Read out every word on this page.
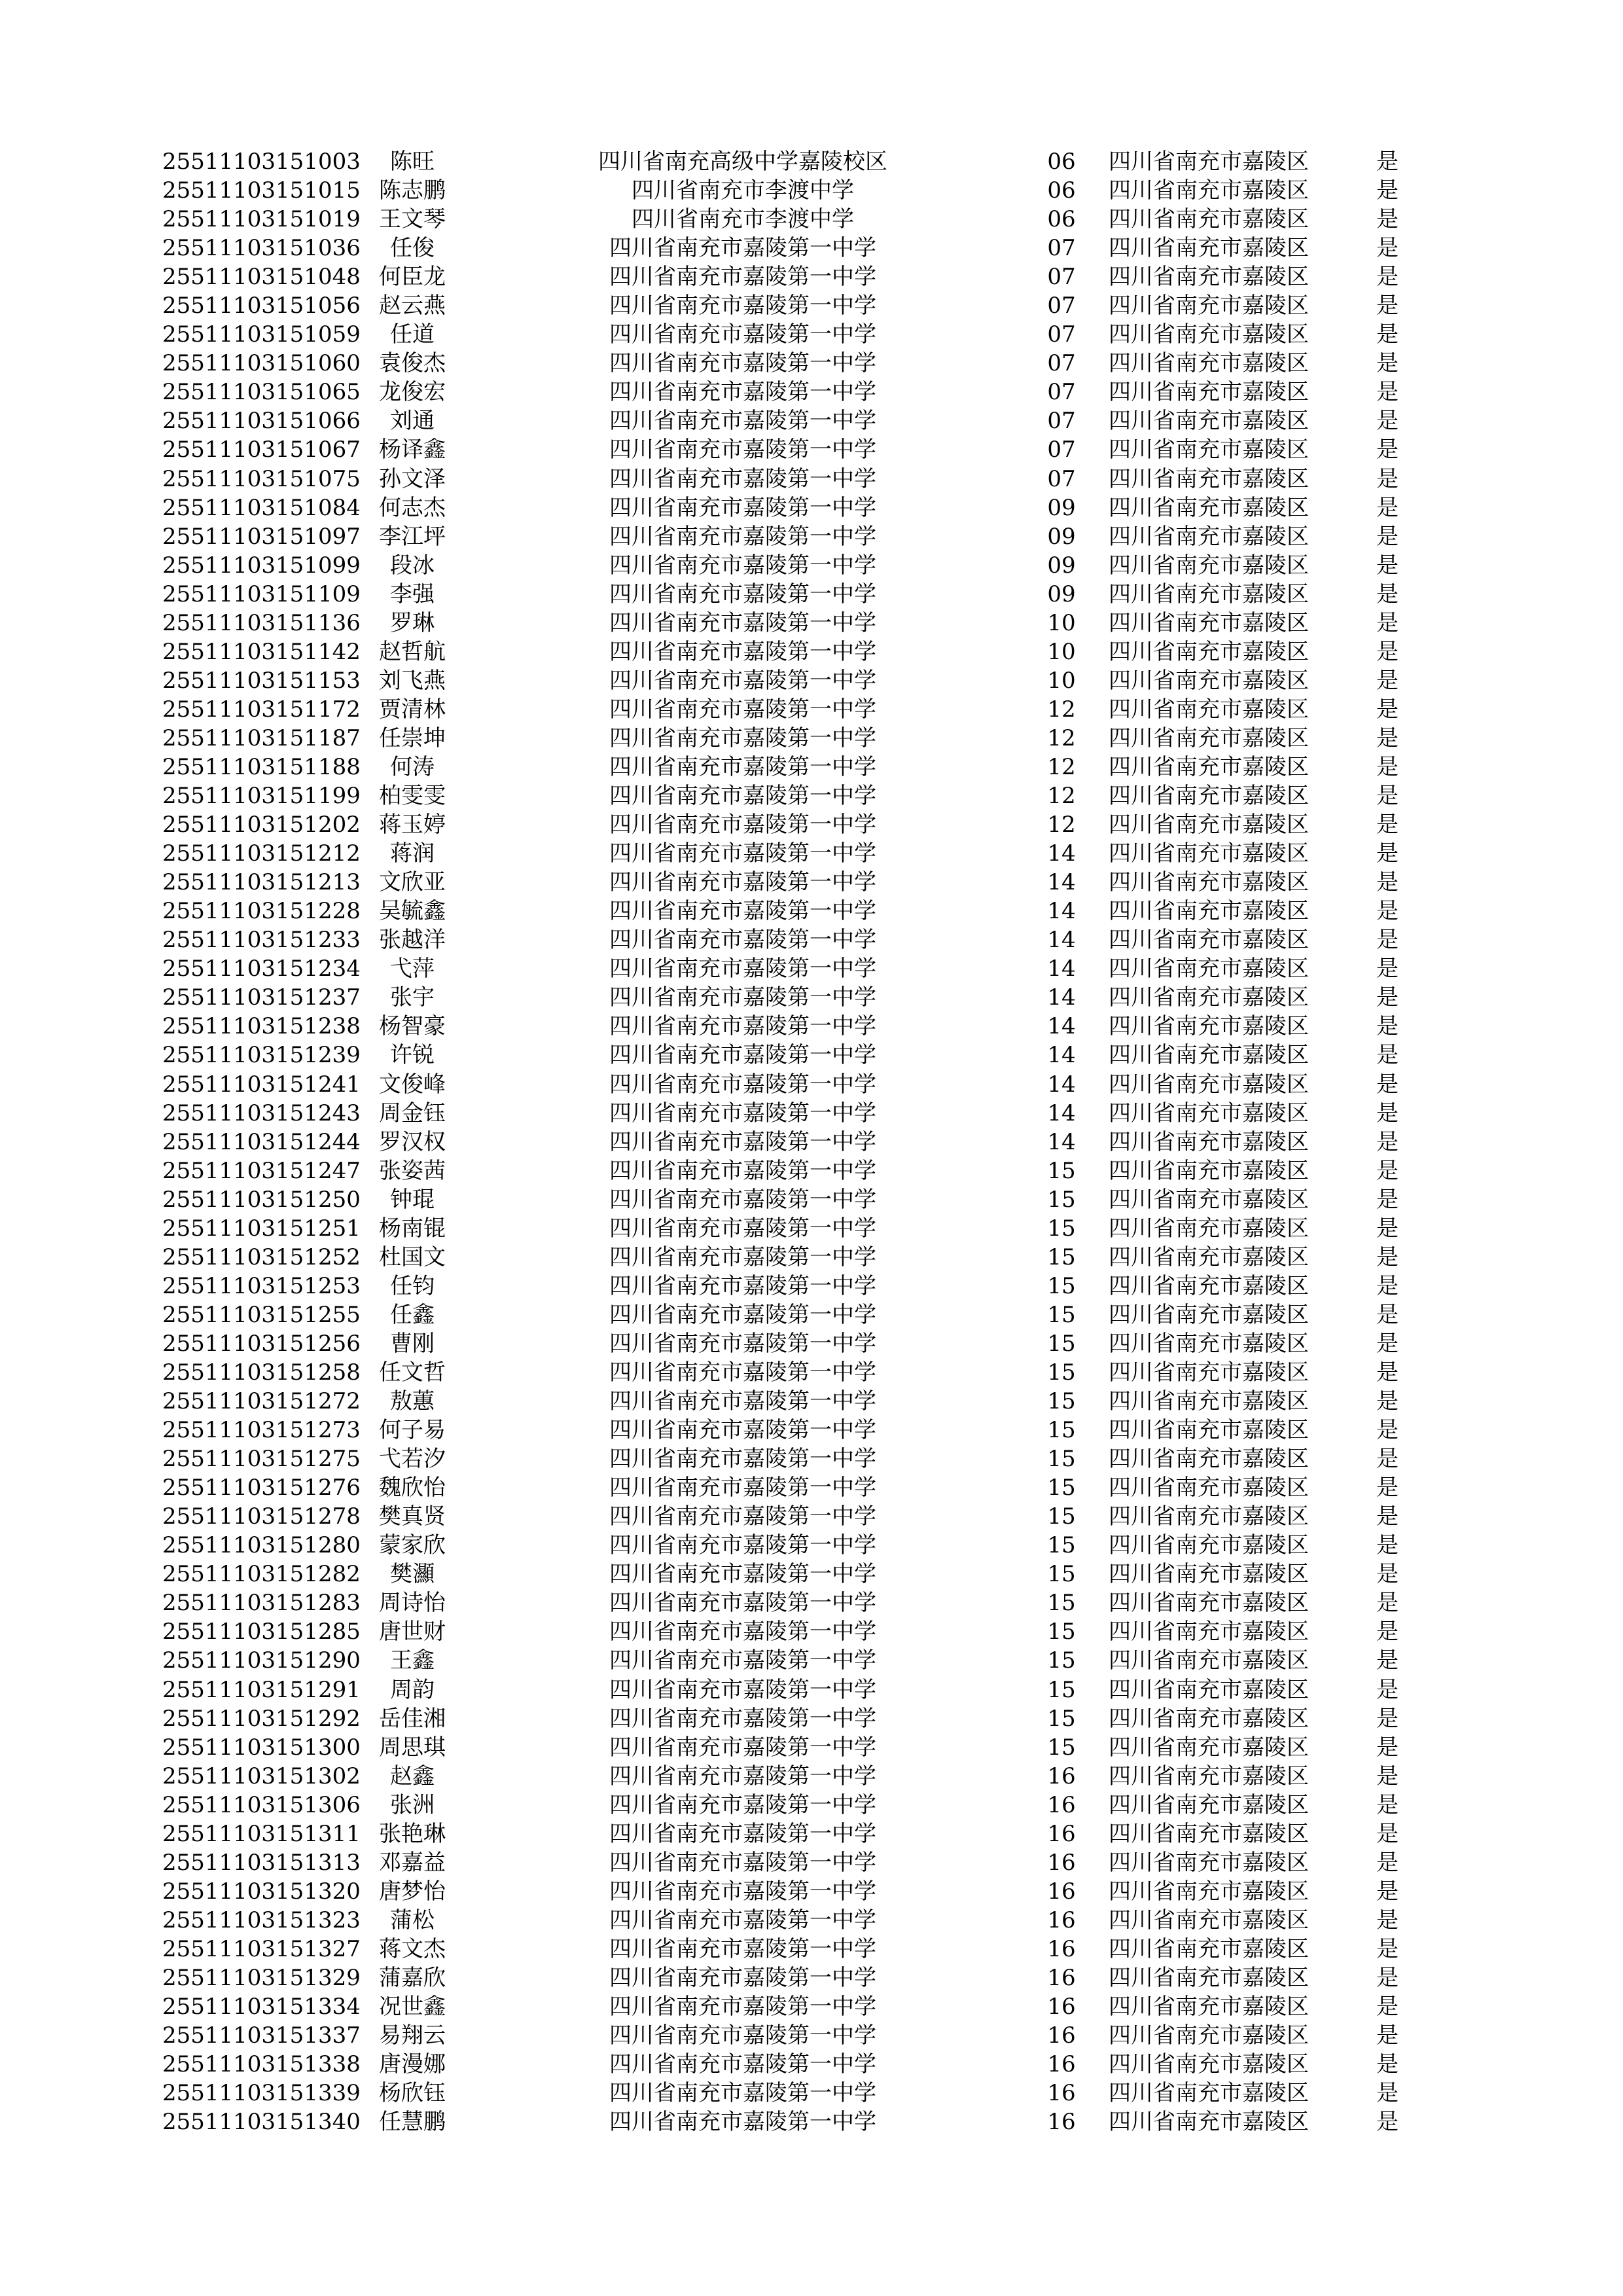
25511103151003	陈旺	四川省南充高级中学嘉陵校区	06	四川省南充市嘉陵区	是
25511103151015 陈志鹏	四川省南充市李渡中学	06	四川省南充市嘉陵区	是
25511103151019 王文琴	四川省南充市李渡中学	06	四川省南充市嘉陵区	是
25511103151036	任俊	四川省南充市嘉陵第一中学	07	四川省南充市嘉陵区	是
25511103151048 何臣龙	四川省南充市嘉陵第一中学	07	四川省南充市嘉陵区	是
25511103151056 赵云燕	四川省南充市嘉陵第一中学	07	四川省南充市嘉陵区	是
25511103151059	任道	四川省南充市嘉陵第一中学	07	四川省南充市嘉陵区	是
25511103151060 袁俊杰	四川省南充市嘉陵第一中学	07	四川省南充市嘉陵区	是
25511103151065 龙俊宏	四川省南充市嘉陵第一中学	07	四川省南充市嘉陵区	是
25511103151066	刘通	四川省南充市嘉陵第一中学	07	四川省南充市嘉陵区	是
25511103151067 杨译鑫	四川省南充市嘉陵第一中学	07	四川省南充市嘉陵区	是
25511103151075 孙文泽	四川省南充市嘉陵第一中学	07	四川省南充市嘉陵区	是
25511103151084 何志杰	四川省南充市嘉陵第一中学	09	四川省南充市嘉陵区	是
25511103151097 李江坪	四川省南充市嘉陵第一中学	09	四川省南充市嘉陵区	是
25511103151099	段冰	四川省南充市嘉陵第一中学	09	四川省南充市嘉陵区	是
25511103151109	李强	四川省南充市嘉陵第一中学	09	四川省南充市嘉陵区	是
25511103151136	罗琳	四川省南充市嘉陵第一中学	10	四川省南充市嘉陵区	是
25511103151142 赵哲航	四川省南充市嘉陵第一中学	10	四川省南充市嘉陵区	是
25511103151153 刘飞燕	四川省南充市嘉陵第一中学	10	四川省南充市嘉陵区	是
25511103151172 贾清林	四川省南充市嘉陵第一中学	12	四川省南充市嘉陵区	是
25511103151187 任崇坤	四川省南充市嘉陵第一中学	12	四川省南充市嘉陵区	是
25511103151188	何涛	四川省南充市嘉陵第一中学	12	四川省南充市嘉陵区	是
25511103151199 柏雯雯	四川省南充市嘉陵第一中学	12	四川省南充市嘉陵区	是
25511103151202 蒋玉婷	四川省南充市嘉陵第一中学	12	四川省南充市嘉陵区	是
25511103151212	蒋润	四川省南充市嘉陵第一中学	14	四川省南充市嘉陵区	是
25511103151213 文欣亚	四川省南充市嘉陵第一中学	14	四川省南充市嘉陵区	是
25511103151228 吴毓鑫	四川省南充市嘉陵第一中学	14	四川省南充市嘉陵区	是
25511103151233 张越洋	四川省南充市嘉陵第一中学	14	四川省南充市嘉陵区	是
25511103151234	弋萍	四川省南充市嘉陵第一中学	14	四川省南充市嘉陵区	是
25511103151237	张宇	四川省南充市嘉陵第一中学	14	四川省南充市嘉陵区	是
25511103151238 杨智豪	四川省南充市嘉陵第一中学	14	四川省南充市嘉陵区	是
25511103151239	许锐	四川省南充市嘉陵第一中学	14	四川省南充市嘉陵区	是
25511103151241 文俊峰	四川省南充市嘉陵第一中学	14	四川省南充市嘉陵区	是
25511103151243 周金钰	四川省南充市嘉陵第一中学	14	四川省南充市嘉陵区	是
25511103151244 罗汉权	四川省南充市嘉陵第一中学	14	四川省南充市嘉陵区	是
25511103151247 张姿茜	四川省南充市嘉陵第一中学	15	四川省南充市嘉陵区	是
25511103151250	钟琨	四川省南充市嘉陵第一中学	15	四川省南充市嘉陵区	是
25511103151251 杨南锟	四川省南充市嘉陵第一中学	15	四川省南充市嘉陵区	是
25511103151252 杜国文	四川省南充市嘉陵第一中学	15	四川省南充市嘉陵区	是
25511103151253	任钧	四川省南充市嘉陵第一中学	15	四川省南充市嘉陵区	是
25511103151255	任鑫	四川省南充市嘉陵第一中学	15	四川省南充市嘉陵区	是
25511103151256	曹刚	四川省南充市嘉陵第一中学	15	四川省南充市嘉陵区	是
25511103151258 任文哲	四川省南充市嘉陵第一中学	15	四川省南充市嘉陵区	是
25511103151272	敖蕙	四川省南充市嘉陵第一中学	15	四川省南充市嘉陵区	是
25511103151273 何子易	四川省南充市嘉陵第一中学	15	四川省南充市嘉陵区	是
25511103151275 弋若汐	四川省南充市嘉陵第一中学	15	四川省南充市嘉陵区	是
25511103151276 魏欣怡	四川省南充市嘉陵第一中学	15	四川省南充市嘉陵区	是
25511103151278 樊真贤	四川省南充市嘉陵第一中学	15	四川省南充市嘉陵区	是
25511103151280 蒙家欣	四川省南充市嘉陵第一中学	15	四川省南充市嘉陵区	是
25511103151282	樊灦	四川省南充市嘉陵第一中学	15	四川省南充市嘉陵区	是
25511103151283 周诗怡	四川省南充市嘉陵第一中学	15	四川省南充市嘉陵区	是
25511103151285 唐世财	四川省南充市嘉陵第一中学	15	四川省南充市嘉陵区	是
25511103151290	王鑫	四川省南充市嘉陵第一中学	15	四川省南充市嘉陵区	是
25511103151291	周韵	四川省南充市嘉陵第一中学	15	四川省南充市嘉陵区	是
25511103151292 岳佳湘	四川省南充市嘉陵第一中学	15	四川省南充市嘉陵区	是
25511103151300 周思琪	四川省南充市嘉陵第一中学	15	四川省南充市嘉陵区	是
25511103151302	赵鑫	四川省南充市嘉陵第一中学	16	四川省南充市嘉陵区	是
25511103151306	张洲	四川省南充市嘉陵第一中学	16	四川省南充市嘉陵区	是
25511103151311 张艳琳	四川省南充市嘉陵第一中学	16	四川省南充市嘉陵区	是
25511103151313 邓嘉益	四川省南充市嘉陵第一中学	16	四川省南充市嘉陵区	是
25511103151320 唐梦怡	四川省南充市嘉陵第一中学	16	四川省南充市嘉陵区	是
25511103151323	蒲松	四川省南充市嘉陵第一中学	16	四川省南充市嘉陵区	是
25511103151327 蒋文杰	四川省南充市嘉陵第一中学	16	四川省南充市嘉陵区	是
25511103151329 蒲嘉欣	四川省南充市嘉陵第一中学	16	四川省南充市嘉陵区	是
25511103151334 况世鑫	四川省南充市嘉陵第一中学	16	四川省南充市嘉陵区	是
25511103151337 易翔云	四川省南充市嘉陵第一中学	16	四川省南充市嘉陵区	是
25511103151338 唐漫娜	四川省南充市嘉陵第一中学	16	四川省南充市嘉陵区	是
25511103151339 杨欣钰	四川省南充市嘉陵第一中学	16	四川省南充市嘉陵区	是
25511103151340 任慧鹏	四川省南充市嘉陵第一中学	16	四川省南充市嘉陵区	是
